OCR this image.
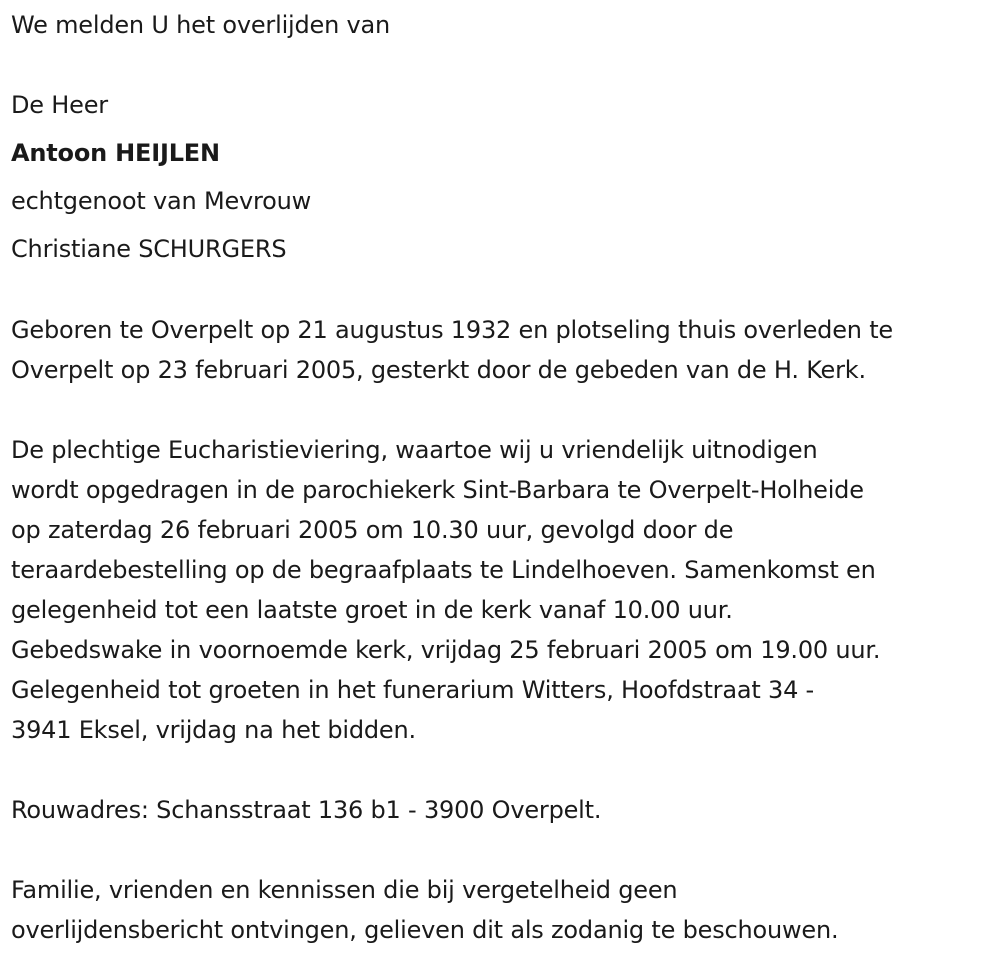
We melden U het overlijden van
De Heer
Antoon HEIJLEN
echtgenoot van Mevrouw
Christiane SCHURGERS
Geboren te Overpelt op 21 augustus 1932 en plotseling thuis overleden te
Overpelt op 23 februari 2005, gesterkt door de gebeden van de H. Kerk.
De plechtige Eucharistieviering, waartoe wij u vriendelijk uitnodigen
wordt opgedragen in de parochiekerk Sint-Barbara te Overpelt-Holheide
op zaterdag 26 februari 2005 om 10.30 uur, gevolgd door de
teraardebestelling op de begraafplaats te Lindelhoeven. Samenkomst en
gelegenheid tot een laatste groet in de kerk vanaf 10.00 uur.
Gebedswake in voornoemde kerk, vrijdag 25 februari 2005 om 19.00 uur.
Gelegenheid tot groeten in het funerarium Witters, Hoofdstraat 34 -
3941 Eksel, vrijdag na het bidden.
Rouwadres: Schansstraat 136 b1 - 3900 Overpelt.
Familie, vrienden en kennissen die bij vergetelheid geen
overlijdensbericht ontvingen, gelieven dit als zodanig te beschouwen.
